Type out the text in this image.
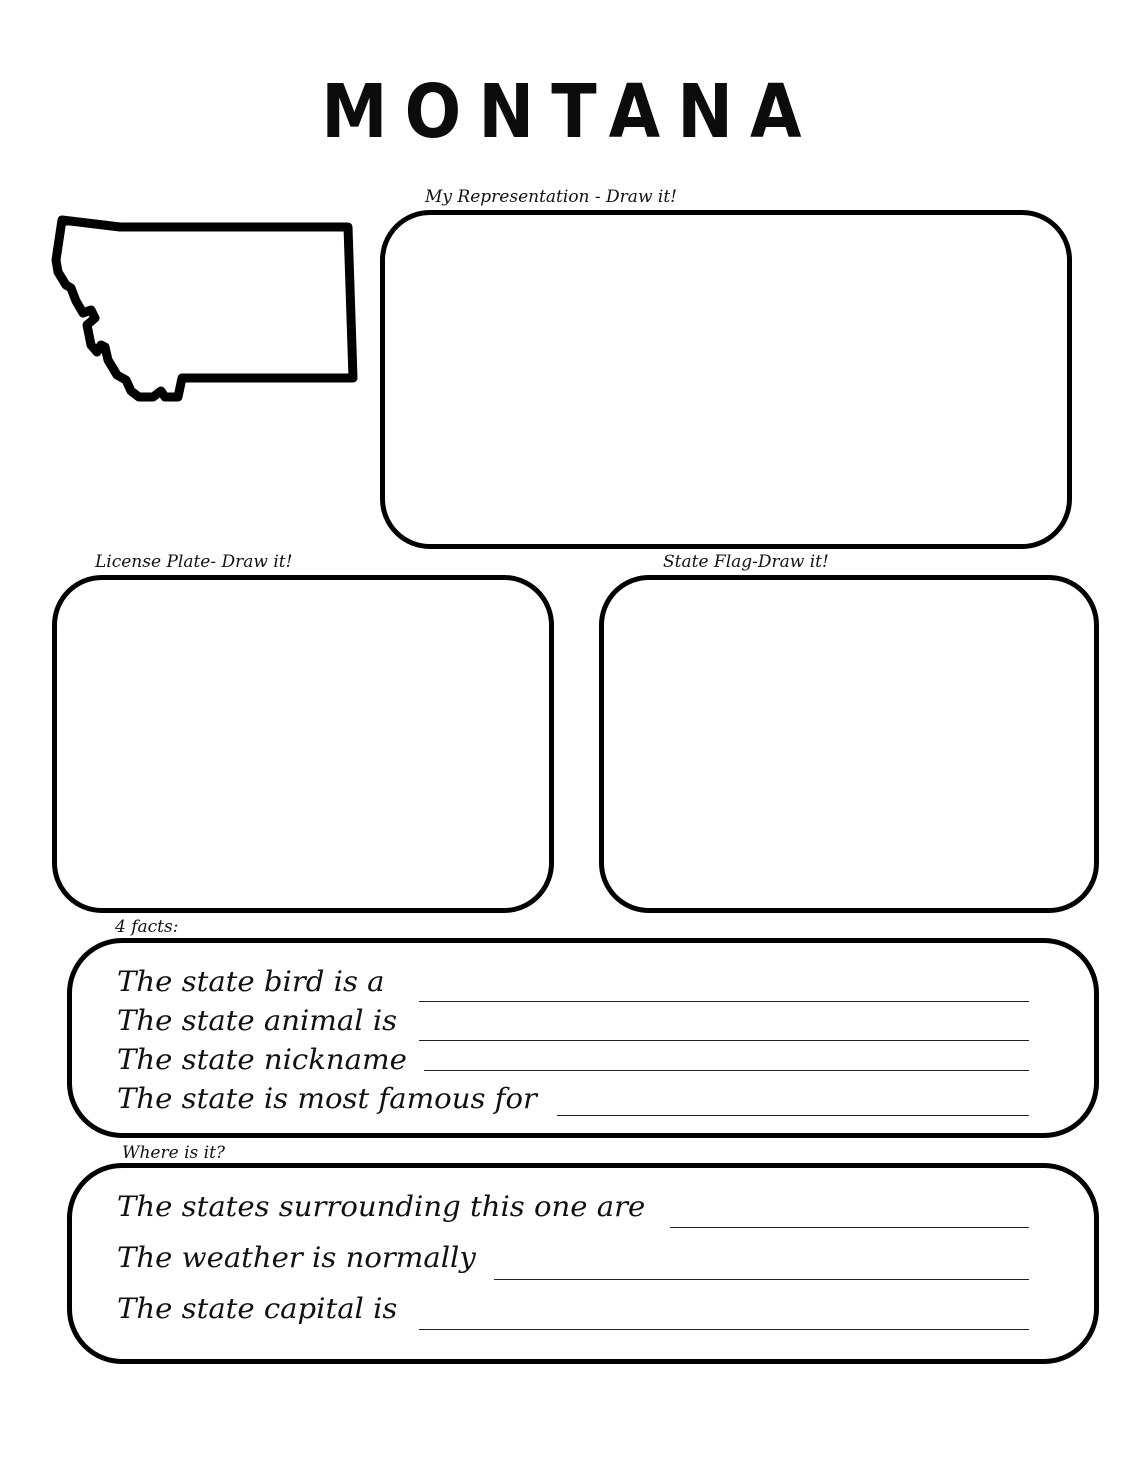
MONTANA
My Representation - Draw it!
License Plate- Draw it!	State Flag-Draw it!
4 facts:
The state bird is a
The state animal is
The state nickname
The state is most famous for
Where is it?
The states surrounding this one are
The weather is normally
The state capital is
